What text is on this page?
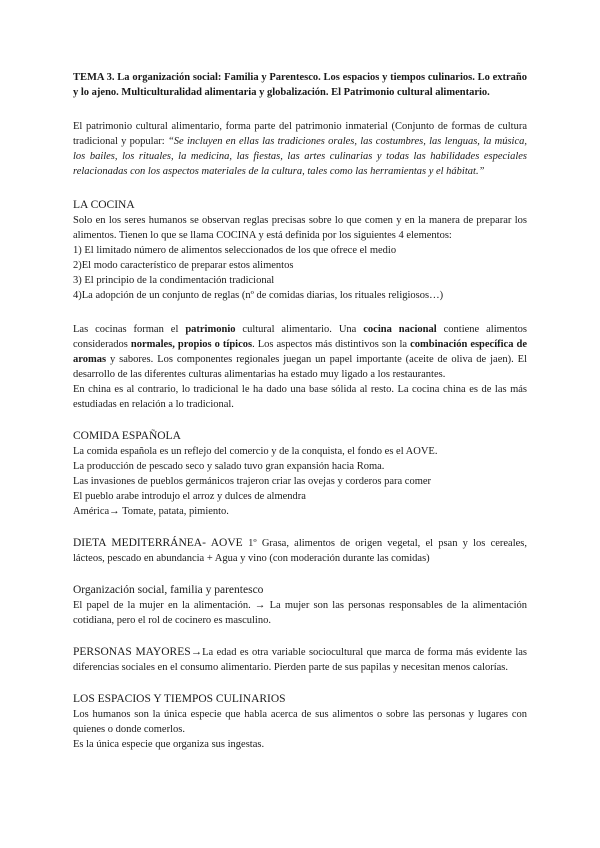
TEMA 3. La organización social: Familia y Parentesco. Los espacios y tiempos culinarios. Lo extraño y lo ajeno. Multiculturalidad alimentaria y globalización. El Patrimonio cultural alimentario.

El patrimonio cultural alimentario, forma parte del patrimonio inmaterial (Conjunto de formas de cultura tradicional y popular: “Se incluyen en ellas las tradiciones orales, las costumbres, las lenguas, la música, los bailes, los rituales, la medicina, las fiestas, las artes culinarias y todas las habilidades especiales relacionadas con los aspectos materiales de la cultura, tales como las herramientas y el hábitat.”

LA COCINA

Solo en los seres humanos se observan reglas precisas sobre lo que comen y en la manera de preparar los alimentos. Tienen lo que se llama COCINA y está definida por los siguientes 4 elementos:

1) El limitado número de alimentos seleccionados de los que ofrece el medio

2)El modo característico de preparar estos alimentos

3) El principio de la condimentación tradicional

4)La adopción de un conjunto de reglas (nº de comidas diarias, los rituales religiosos…)

Las cocinas forman el patrimonio cultural alimentario. Una cocina nacional contiene alimentos considerados normales, propios o típicos. Los aspectos más distintivos son la combinación específica de aromas y sabores. Los componentes regionales juegan un papel importante (aceite de oliva de jaen). El desarrollo de las diferentes culturas alimentarias ha estado muy ligado a los restaurantes.

En china es al contrario, lo tradicional le ha dado una base sólida al resto. La cocina china es de las más estudiadas en relación a lo tradicional.

COMIDA ESPAÑOLA

La comida española es un reflejo del comercio y de la conquista, el fondo es el AOVE.

La producción de pescado seco y salado tuvo gran expansión hacia Roma.

Las invasiones de pueblos germánicos trajeron criar las ovejas y corderos para comer

El pueblo arabe introdujo el arroz y dulces de almendra

América→ Tomate, patata, pimiento.

DIETA MEDITERRÁNEA- AOVE 1º Grasa, alimentos de origen vegetal, el psan y los cereales, lácteos, pescado en abundancia + Agua y vino (con moderación durante las comidas)

Organización social, familia y parentesco

El papel de la mujer en la alimentación. → La mujer son las personas responsables de la alimentación cotidiana, pero el rol de cocinero es masculino.

PERSONAS MAYORES→La edad es otra variable sociocultural que marca de forma más evidente las diferencias sociales en el consumo alimentario. Pierden parte de sus papilas y necesitan menos calorías.

LOS ESPACIOS Y TIEMPOS CULINARIOS

Los humanos son la única especie que habla acerca de sus alimentos o sobre las personas y lugares con quienes o donde comerlos.

Es la única especie que organiza sus ingestas.
